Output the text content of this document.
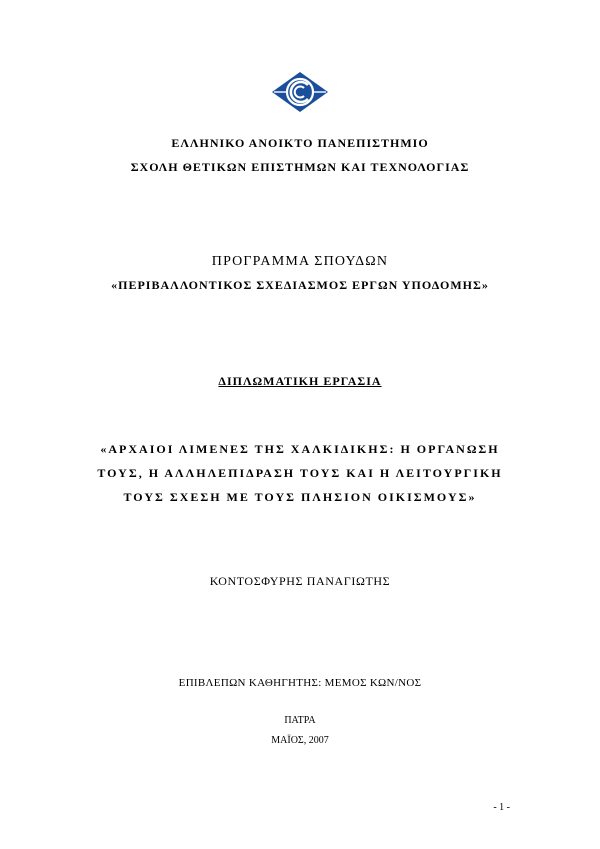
ΕΛΛΗΝΙΚΟ ΑΝΟΙΚΤΟ ΠΑΝΕΠΙΣΤΗΜΙΟ
ΣΧΟΛΗ ΘΕΤΙΚΩΝ ΕΠΙΣΤΗΜΩΝ ΚΑΙ ΤΕΧΝΟΛΟΓΙΑΣ
ΠΡΟΓΡΑΜΜΑ ΣΠΟΥΔΩΝ
«ΠΕΡΙΒΑΛΛΟΝΤΙΚΟΣ ΣΧΕΔΙΑΣΜΟΣ ΕΡΓΩΝ ΥΠΟΔΟΜΗΣ»
ΔΙΠΛΩΜΑΤΙΚΗ ΕΡΓΑΣΙΑ
«ΑΡΧΑΙΟΙ ΛΙΜΕΝΕΣ ΤΗΣ ΧΑΛΚΙΔΙΚΗΣ: Η ΟΡΓΑΝΩΣΗ
ΤΟΥΣ, Η ΑΛΛΗΛΕΠΙΔΡΑΣΗ ΤΟΥΣ ΚΑΙ Η ΛΕΙΤΟΥΡΓΙΚΗ
ΤΟΥΣ ΣΧΕΣΗ ΜΕ ΤΟΥΣ ΠΛΗΣΙΟΝ ΟΙΚΙΣΜΟΥΣ»
ΚΟΝΤΟΣΦΥΡΗΣ ΠΑΝΑΓΙΩΤΗΣ
ΕΠΙΒΛΕΠΩΝ ΚΑΘΗΓΗΤΗΣ: ΜΕΜΟΣ ΚΩΝ/ΝΟΣ
ΠΑΤΡΑ
ΜΑΪΟΣ, 2007
- 1 -
